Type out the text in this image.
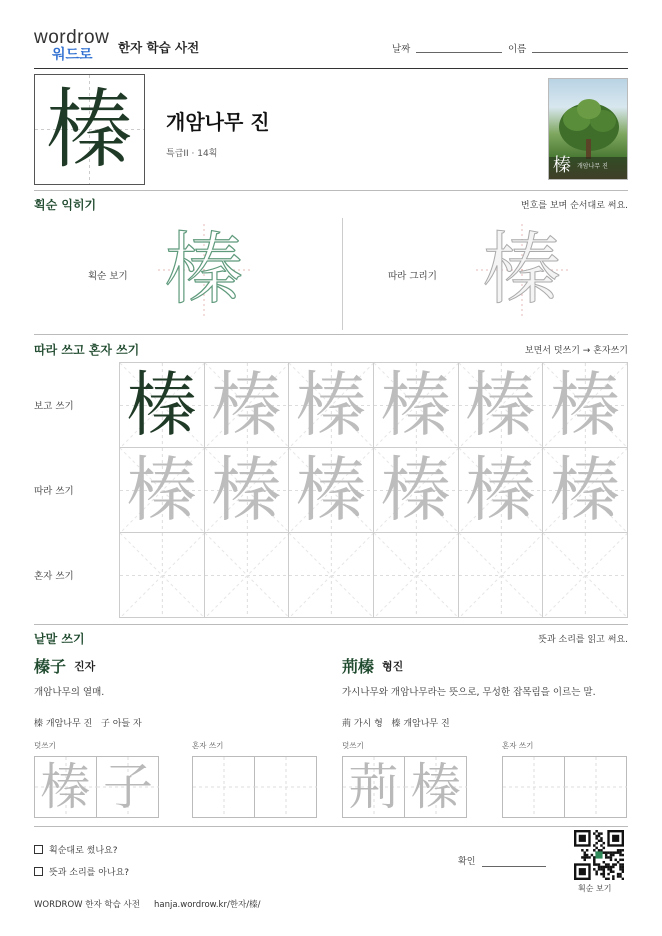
wordrow
워드로	한자 학습 사전	날짜	이름
榛	개암나무 진
특급II · 14획
榛 개암나무 진
획순 익히기	번호를 보며 순서대로 써요.
획순 보기 榛	따라 그리기 榛
따라 쓰고 혼자 쓰기	보면서 덧쓰기 → 혼자쓰기
보고 쓰기
따라 쓰기
혼자 쓰기
榛 榛 榛 榛 榛 榛
榛 榛 榛 榛 榛 榛
낱말 쓰기	뜻과 소리를 읽고 써요.
榛子 진자
개암나무의 열매.
榛 개암나무 진 子 아들 자
덧쓰기	혼자 쓰기
荊榛 형진
가시나무와 개암나무라는 뜻으로, 무성한 잡목림을 이르는 말.
荊 가시 형 榛 개암나무 진
덧쓰기	혼자 쓰기
榛 子	荊 榛
획순대로 썼나요?
뜻과 소리를 아나요?
확인
획순 보기
WORDROW 한자 학습 사전 hanja.wordrow.kr/한자/榛/
